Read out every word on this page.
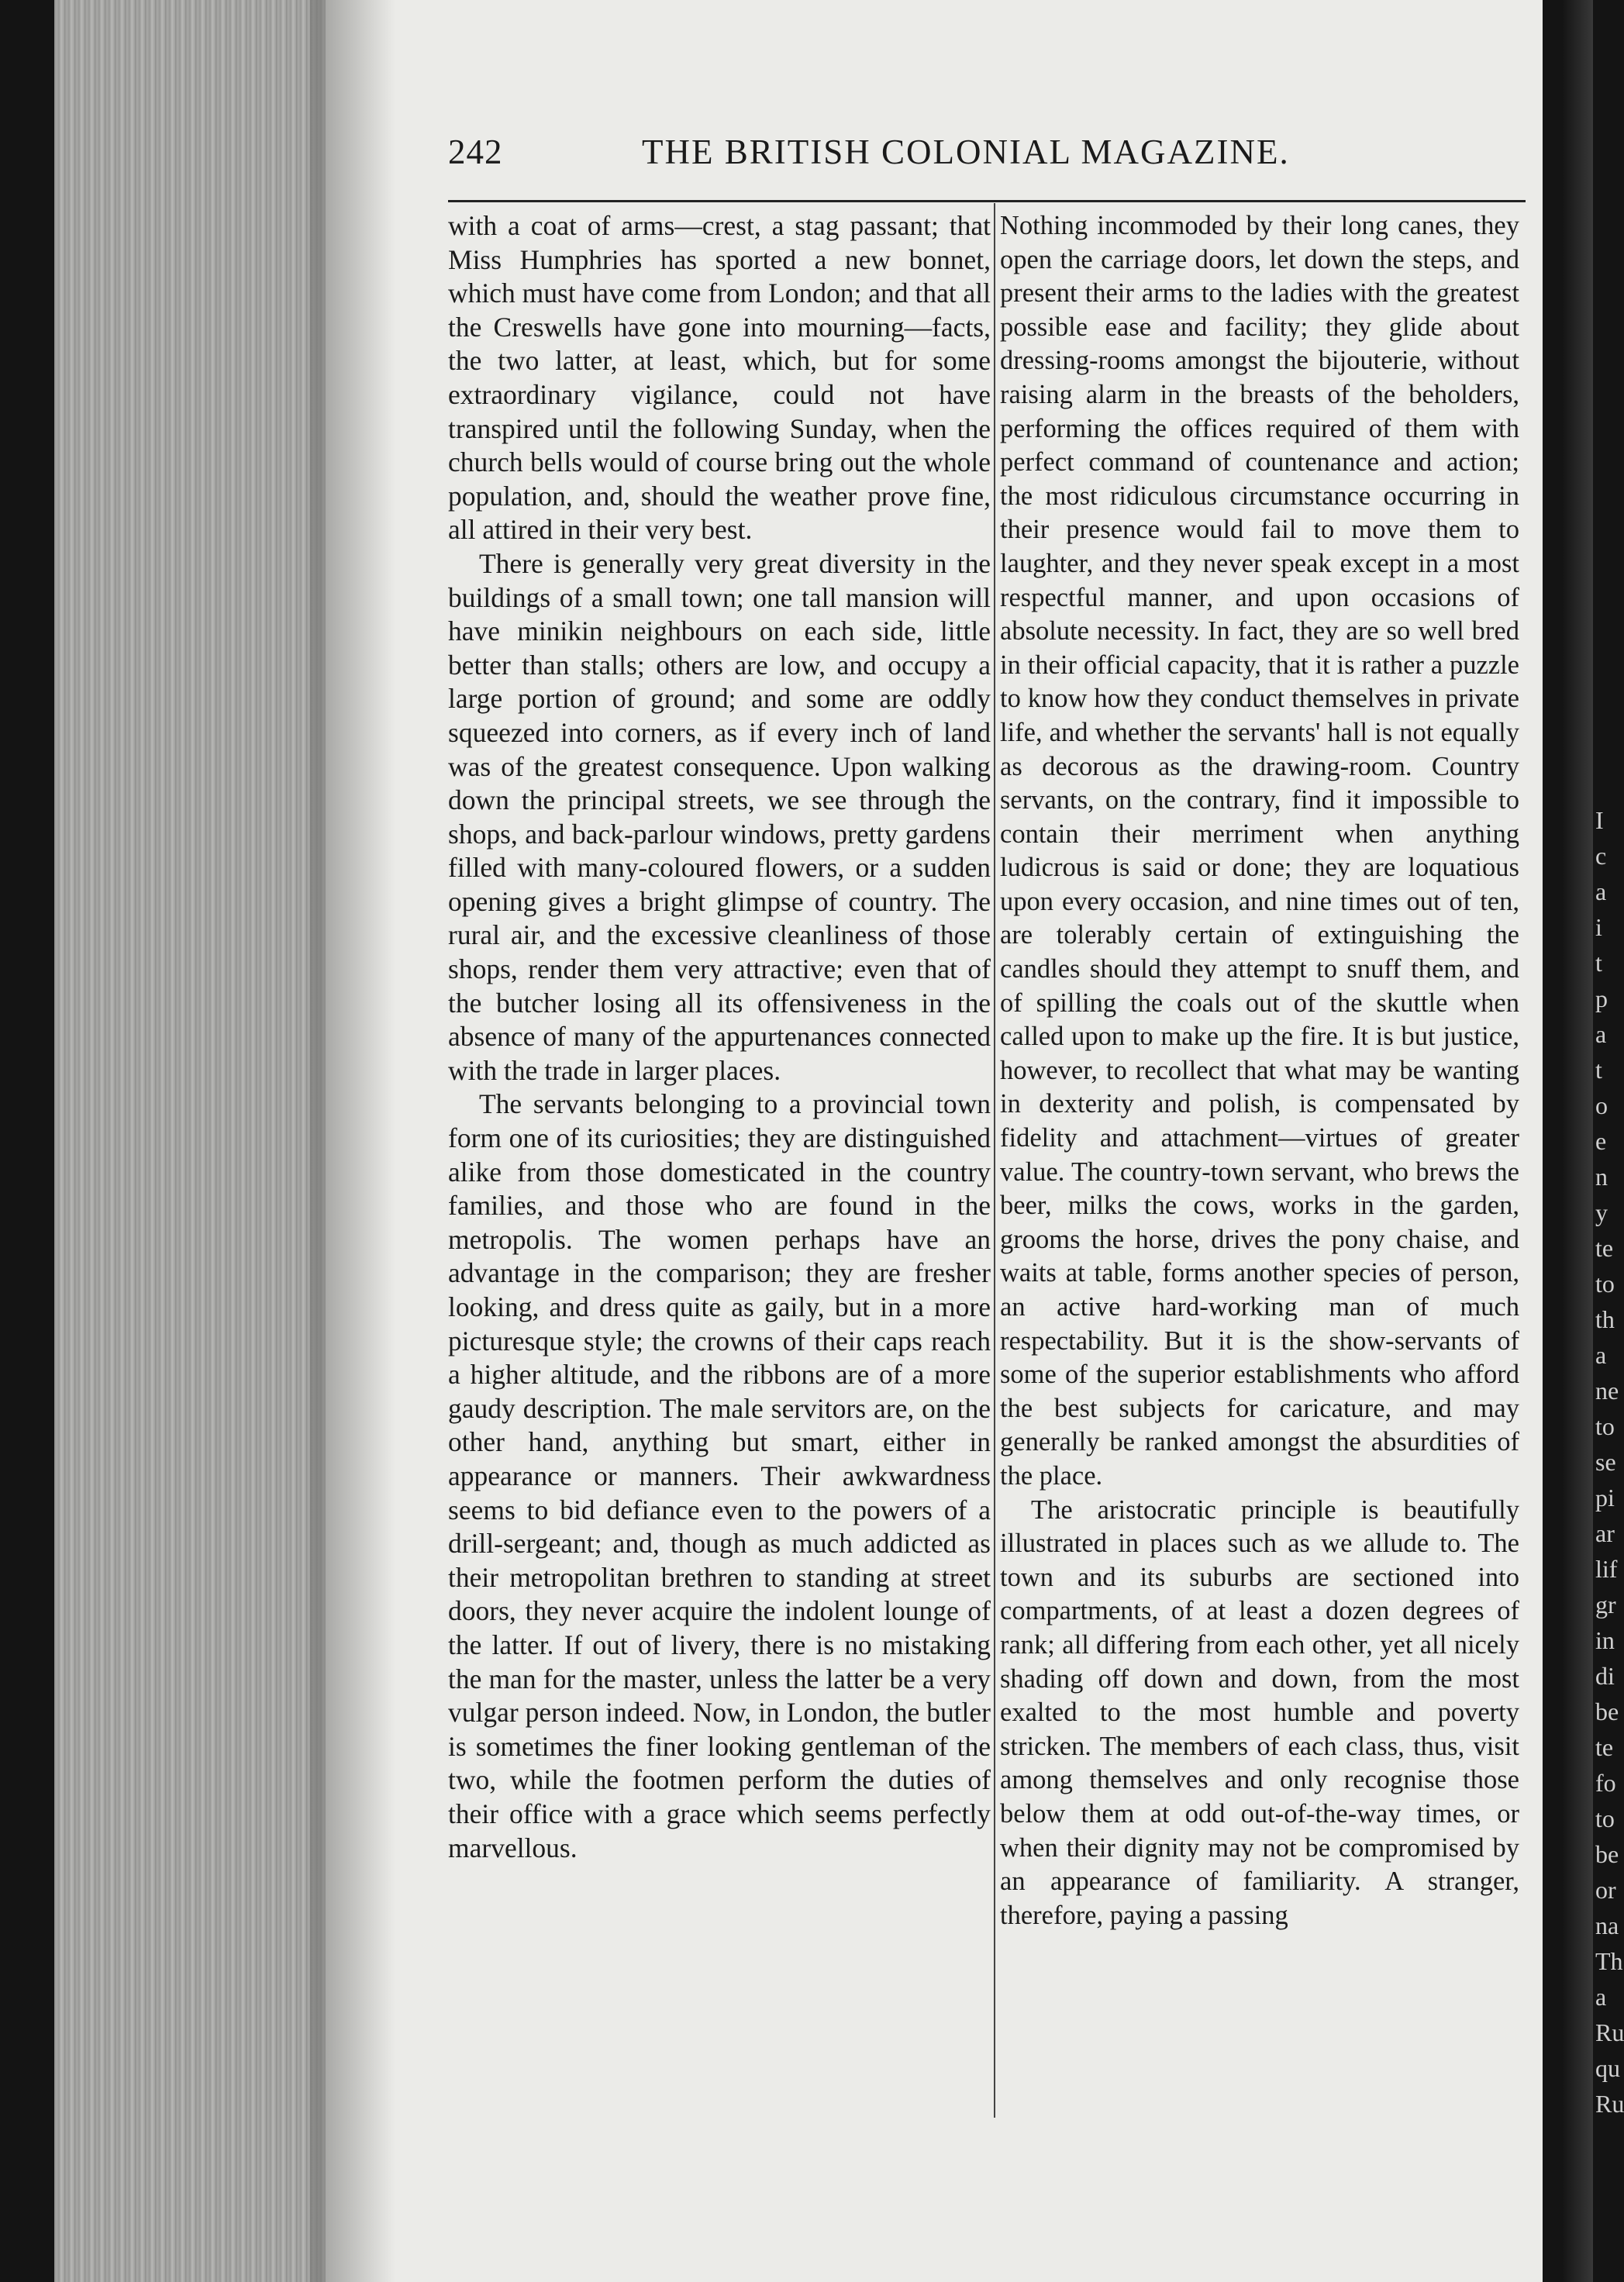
242	THE BRITISH COLONIAL MAGAZINE.

with a coat of arms—crest, a stag passant; that Miss Humphries has sported a new bonnet, which must have come from London; and that all the Creswells have gone into mourning—facts, the two latter, at least, which, but for some extraordinary vigilance, could not have transpired until the following Sunday, when the church bells would of course bring out the whole population, and, should the weather prove fine, all attired in their very best.

There is generally very great diversity in the buildings of a small town; one tall mansion will have minikin neighbours on each side, little better than stalls; others are low, and occupy a large portion of ground; and some are oddly squeezed into corners, as if every inch of land was of the greatest consequence. Upon walking down the principal streets, we see through the shops, and back-parlour windows, pretty gardens filled with many-coloured flowers, or a sudden opening gives a bright glimpse of country. The rural air, and the excessive cleanliness of those shops, render them very attractive; even that of the butcher losing all its offensiveness in the absence of many of the appurtenances connected with the trade in larger places.

The servants belonging to a provincial town form one of its curiosities; they are distinguished alike from those domesticated in the country families, and those who are found in the metropolis. The women perhaps have an advantage in the comparison; they are fresher looking, and dress quite as gaily, but in a more picturesque style; the crowns of their caps reach a higher altitude, and the ribbons are of a more gaudy description. The male servitors are, on the other hand, anything but smart, either in appearance or manners. Their awkwardness seems to bid defiance even to the powers of a drill-sergeant; and, though as much addicted as their metropolitan brethren to standing at street doors, they never acquire the indolent lounge of the latter. If out of livery, there is no mistaking the man for the master, unless the latter be a very vulgar person indeed. Now, in London, the butler is sometimes the finer looking gentleman of the two, while the footmen perform the duties of their office with a grace which seems perfectly marvellous.

Nothing incommoded by their long canes, they open the carriage doors, let down the steps, and present their arms to the ladies with the greatest possible ease and facility; they glide about dressing-rooms amongst the bijouterie, without raising alarm in the breasts of the beholders, performing the offices required of them with perfect command of countenance and action; the most ridiculous circumstance occurring in their presence would fail to move them to laughter, and they never speak except in a most respectful manner, and upon occasions of absolute necessity. In fact, they are so well bred in their official capacity, that it is rather a puzzle to know how they conduct themselves in private life, and whether the servants' hall is not equally as decorous as the drawing-room. Country servants, on the contrary, find it impossible to contain their merriment when anything ludicrous is said or done; they are loquatious upon every occasion, and nine times out of ten, are tolerably certain of extinguishing the candles should they attempt to snuff them, and of spilling the coals out of the skuttle when called upon to make up the fire. It is but justice, however, to recollect that what may be wanting in dexterity and polish, is compensated by fidelity and attachment—virtues of greater value. The country-town servant, who brews the beer, milks the cows, works in the garden, grooms the horse, drives the pony chaise, and waits at table, forms another species of person, an active hard-working man of much respectability. But it is the show-servants of some of the superior establishments who afford the best subjects for caricature, and may generally be ranked amongst the absurdities of the place.

The aristocratic principle is beautifully illustrated in places such as we allude to. The town and its suburbs are sectioned into compartments, of at least a dozen degrees of rank; all differing from each other, yet all nicely shading off down and down, from the most exalted to the most humble and poverty stricken. The members of each class, thus, visit among themselves and only recognise those below them at odd out-of-the-way times, or when their dignity may not be compromised by an appearance of familiarity. A stranger, therefore, paying a passing

I
c
a
i
t
p
a
t
o
e
n
y
te
to
th
a
ne
to
se
pi
ar
lif
gr
in
di
be
te
fo
to
be
or
na
Th
a
Ru
qu
Ru
